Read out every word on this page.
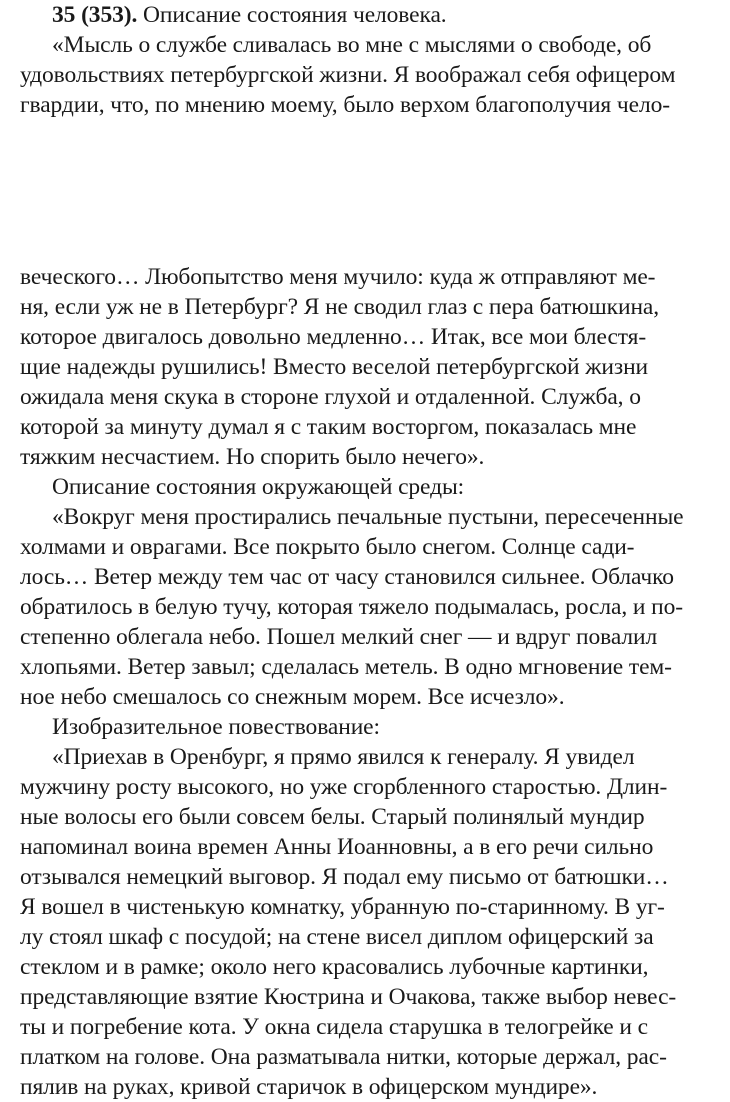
35 (353). Описание состояния человека.
«Мысль о службе сливалась во мне с мыслями о свободе, об
удовольствиях петербургской жизни. Я воображал себя офицером
гвардии, что, по мнению моему, было верхом благополучия чело-
веческого… Любопытство меня мучило: куда ж отправляют ме-
ня, если уж не в Петербург? Я не сводил глаз с пера батюшкина,
которое двигалось довольно медленно… Итак, все мои блестя-
щие надежды рушились! Вместо веселой петербургской жизни
ожидала меня скука в стороне глухой и отдаленной. Служба, о
которой за минуту думал я с таким восторгом, показалась мне
тяжким несчастием. Но спорить было нечего».
Описание состояния окружающей среды:
«Вокруг меня простирались печальные пустыни, пересеченные
холмами и оврагами. Все покрыто было снегом. Солнце сади-
лось… Ветер между тем час от часу становился сильнее. Облачко
обратилось в белую тучу, которая тяжело подымалась, росла, и по-
степенно облегала небо. Пошел мелкий снег — и вдруг повалил
хлопьями. Ветер завыл; сделалась метель. В одно мгновение тем-
ное небо смешалось со снежным морем. Все исчезло».
Изобразительное повествование:
«Приехав в Оренбург, я прямо явился к генералу. Я увидел
мужчину росту высокого, но уже сгорбленного старостью. Длин-
ные волосы его были совсем белы. Старый полинялый мундир
напоминал воина времен Анны Иоанновны, а в его речи сильно
отзывался немецкий выговор. Я подал ему письмо от батюшки…
Я вошел в чистенькую комнатку, убранную по-старинному. В уг-
лу стоял шкаф с посудой; на стене висел диплом офицерский за
стеклом и в рамке; около него красовались лубочные картинки,
представляющие взятие Кюстрина и Очакова, также выбор невес-
ты и погребение кота. У окна сидела старушка в телогрейке и с
платком на голове. Она разматывала нитки, которые держал, рас-
пялив на руках, кривой старичок в офицерском мундире».
